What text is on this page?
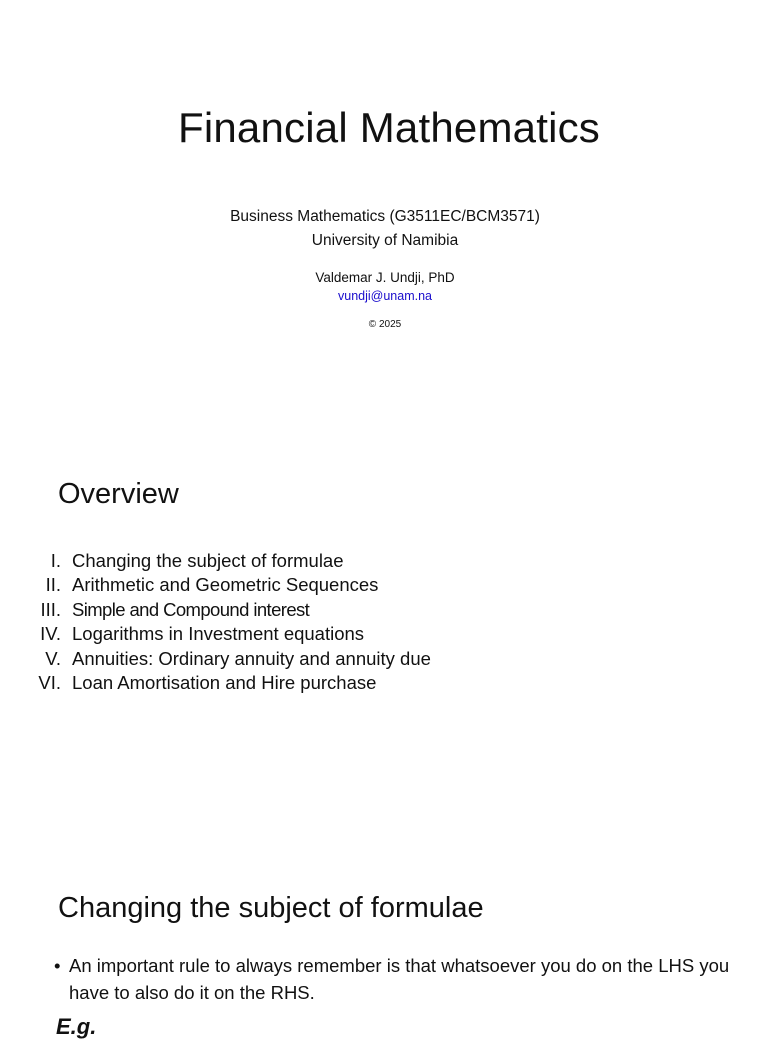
Financial Mathematics

Business Mathematics (G3511EC/BCM3571)

University of Namibia

Valdemar J. Undji, PhD
vundji@unam.na
© 2025
Overview
I. Changing the subject of formulae
II. Arithmetic and Geometric Sequences
III. Simple and Compound interest
IV. Logarithms in Investment equations
V. Annuities: Ordinary annuity and annuity due
VI. Loan Amortisation and Hire purchase
Changing the subject of formulae
• An important rule to always remember is that whatsoever you do on the LHS you have to also do it on the RHS.
E.g.
